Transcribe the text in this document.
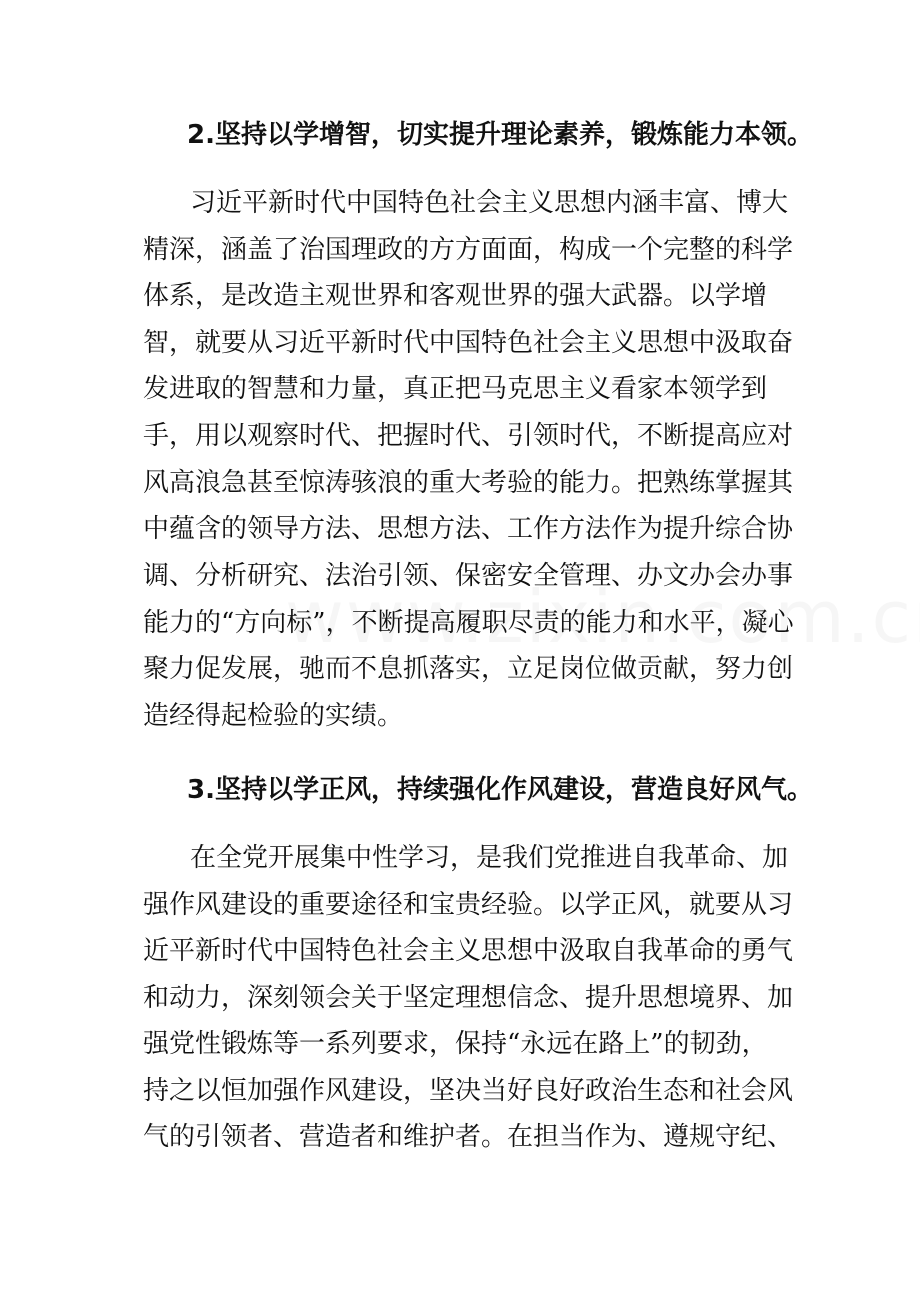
2.坚持以学增智，切实提升理论素养，锻炼能力本领。
习近平新时代中国特色社会主义思想内涵丰富、博大
精深，涵盖了治国理政的方方面面，构成一个完整的科学
体系，是改造主观世界和客观世界的强大武器。以学增
智，就要从习近平新时代中国特色社会主义思想中汲取奋
发进取的智慧和力量，真正把马克思主义看家本领学到
手，用以观察时代、把握时代、引领时代，不断提高应对
风高浪急甚至惊涛骇浪的重大考验的能力。把熟练掌握其
中蕴含的领导方法、思想方法、工作方法作为提升综合协
调、分析研究、法治引领、保密安全管理、办文办会办事
能力的“方向标”，不断提高履职尽责的能力和水平，凝心
聚力促发展，驰而不息抓落实，立足岗位做贡献，努力创
造经得起检验的实绩。
3.坚持以学正风，持续强化作风建设，营造良好风气。
在全党开展集中性学习，是我们党推进自我革命、加
强作风建设的重要途径和宝贵经验。以学正风，就要从习
近平新时代中国特色社会主义思想中汲取自我革命的勇气
和动力，深刻领会关于坚定理想信念、提升思想境界、加
强党性锻炼等一系列要求，保持“永远在路上”的韧劲，
持之以恒加强作风建设，坚决当好良好政治生态和社会风
气的引领者、营造者和维护者。在担当作为、遵规守纪、
